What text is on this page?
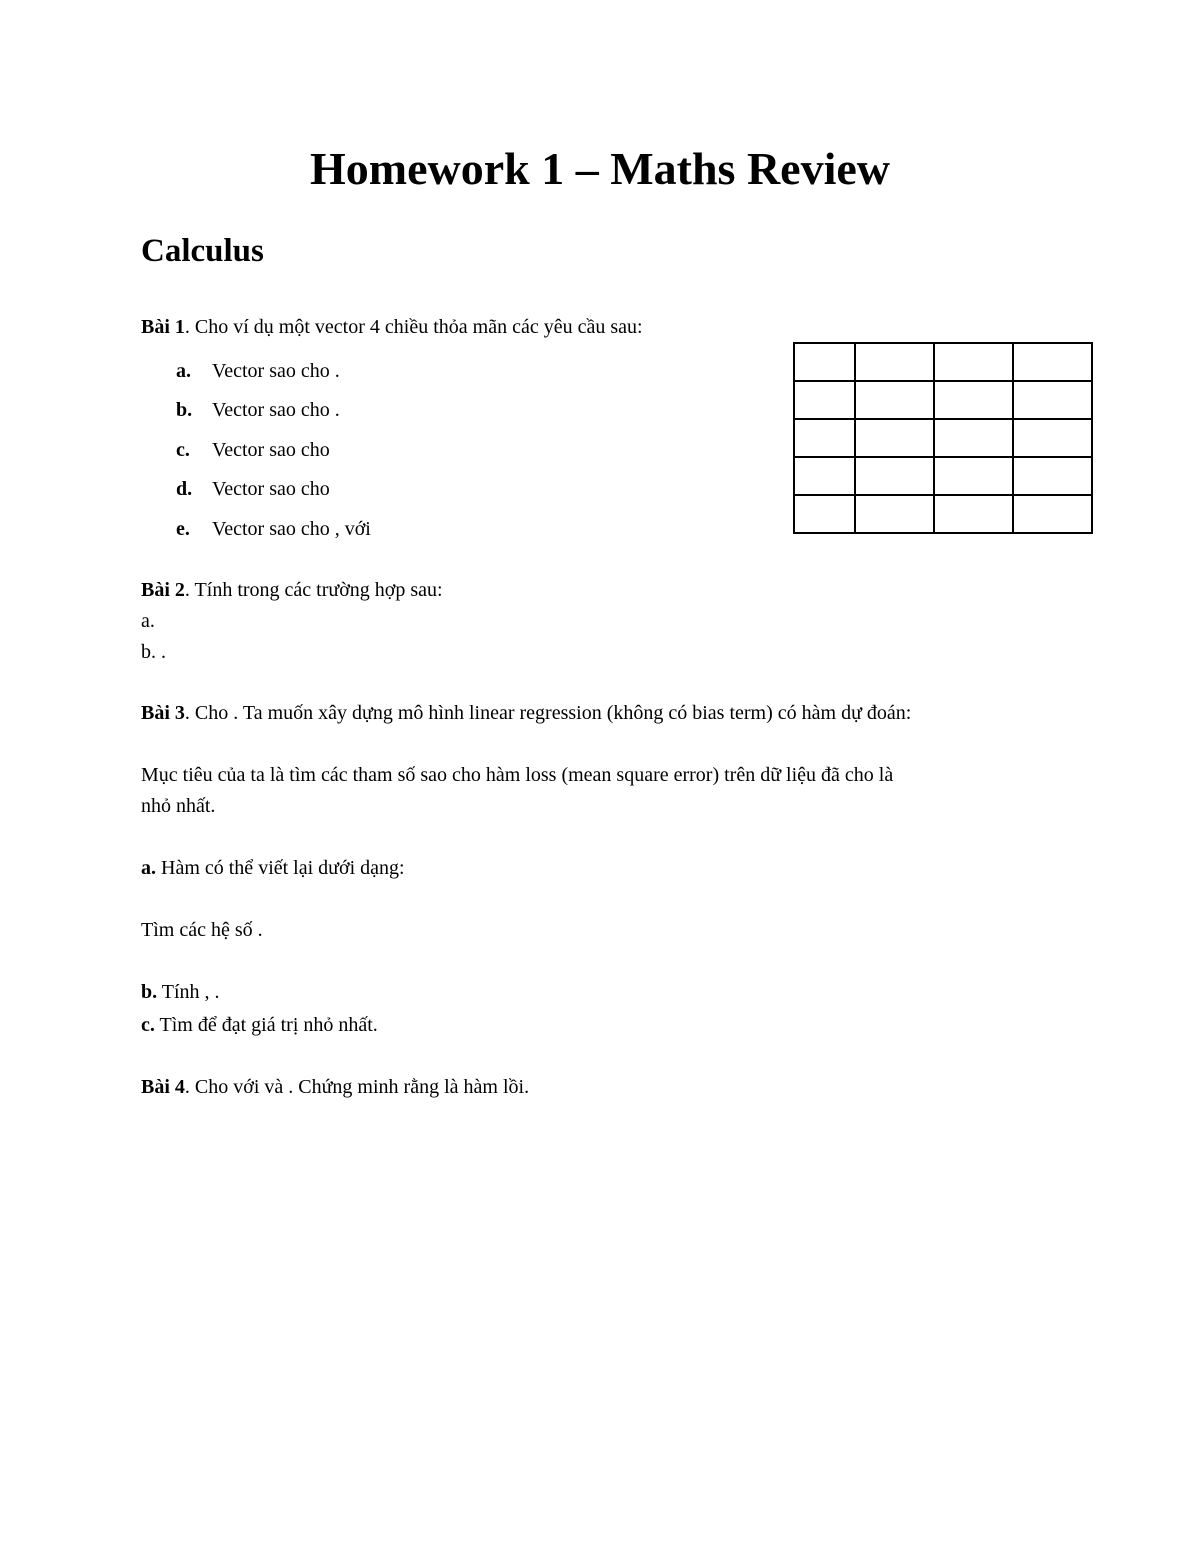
Homework 1 – Maths Review
Calculus
Bài 1. Cho ví dụ một vector 4 chiều thỏa mãn các yêu cầu sau:
a. Vector sao cho .
b. Vector sao cho .
c. Vector sao cho
d. Vector sao cho
e. Vector sao cho , với

Bài 2. Tính trong các trường hợp sau:
a.
b. .
Bài 3. Cho . Ta muốn xây dựng mô hình linear regression (không có bias term) có hàm dự đoán:
Mục tiêu của ta là tìm các tham số sao cho hàm loss (mean square error) trên dữ liệu đã cho là
nhỏ nhất.
a. Hàm có thể viết lại dưới dạng:
Tìm các hệ số .
b. Tính , .
c. Tìm để đạt giá trị nhỏ nhất.
Bài 4. Cho với và . Chứng minh rằng là hàm lồi.
